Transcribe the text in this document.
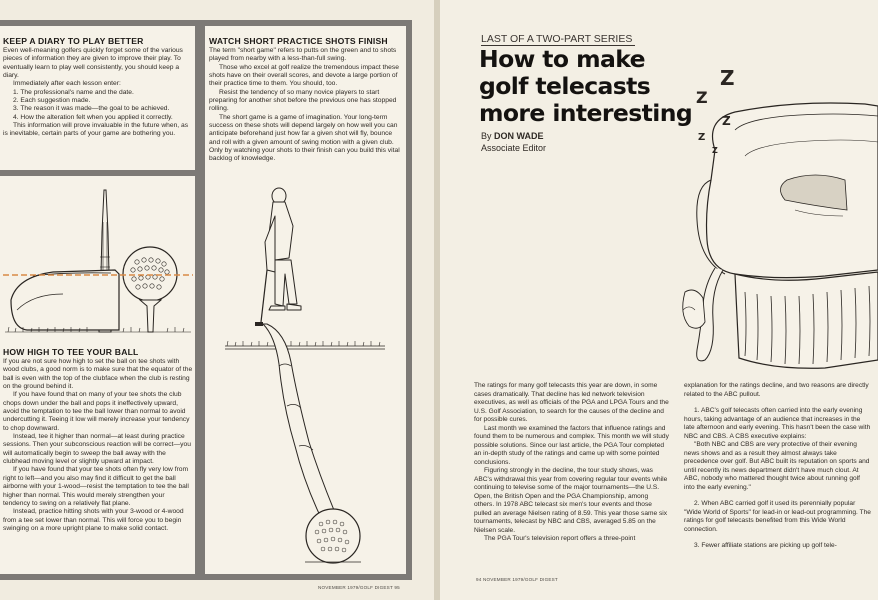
KEEP A DIARY TO PLAY BETTER

Even well-meaning golfers quickly forget some of the various pieces of information they are given to improve their play. To eventually learn to play well consistently, you should keep a diary.

Immediately after each lesson enter:

1. The professional's name and the date.

2. Each suggestion made.

3. The reason it was made—the goal to be achieved.

4. How the alteration felt when you applied it correctly.

This information will prove invaluable in the future when, as is inevitable, certain parts of your game are bothering you.

HOW HIGH TO TEE YOUR BALL

If you are not sure how high to set the ball on tee shots with wood clubs, a good norm is to make sure that the equator of the ball is even with the top of the clubface when the club is resting on the ground behind it.

If you have found that on many of your tee shots the club chops down under the ball and pops it ineffectively upward, avoid the temptation to tee the ball lower than normal to avoid undercutting it. Teeing it low will merely increase your tendency to chop downward.

Instead, tee it higher than normal—at least during practice sessions. Then your subconscious reaction will be correct—you will automatically begin to sweep the ball away with the clubhead moving level or slightly upward at impact.

If you have found that your tee shots often fly very low from right to left—and you also may find it difficult to get the ball airborne with your 1-wood—resist the temptation to tee the ball higher than normal. This would merely strengthen your tendency to swing on a relatively flat plane.

Instead, practice hitting shots with your 3-wood or 4-wood from a tee set lower than normal. This will force you to begin swinging on a more upright plane to make solid contact.

WATCH SHORT PRACTICE SHOTS FINISH

The term "short game" refers to putts on the green and to shots played from nearby with a less-than-full swing.

Those who excel at golf realize the tremendous impact these shots have on their overall scores, and devote a large portion of their practice time to them. You should, too.

Resist the tendency of so many novice players to start preparing for another shot before the previous one has stopped rolling.

The short game is a game of imagination. Your long-term success on these shots will depend largely on how well you can anticipate beforehand just how far a given shot will fly, bounce and roll with a given amount of swing motion with a given club. Only by watching your shots to their finish can you build this vital backlog of knowledge.

NOVEMBER 1979/GOLF DIGEST 95
Z
Z
Z
Z
Z
LAST OF A TWO-PART SERIES
How to make
golf telecasts
more interesting
By DON WADE
Associate Editor

The ratings for many golf telecasts this year are down, in some cases dramatically. That decline has led network television executives, as well as officials of the PGA and LPGA Tours and the U.S. Golf Association, to search for the causes of the decline and for possible cures.

Last month we examined the factors that influence ratings and found them to be numerous and complex. This month we will study possible solutions. Since our last article, the PGA Tour completed an in-depth study of the ratings and came up with some pointed conclusions.

Figuring strongly in the decline, the tour study shows, was ABC's withdrawal this year from covering regular tour events while continuing to televise some of the major tournaments—the U.S. Open, the British Open and the PGA Championship, among others. In 1978 ABC telecast six men's tour events and those pulled an average Nielsen rating of 8.59. This year those same six tournaments, telecast by NBC and CBS, averaged 5.85 on the Nielsen scale.

The PGA Tour's television report offers a three-point

explanation for the ratings decline, and two reasons are directly related to the ABC pullout.

1. ABC's golf telecasts often carried into the early evening hours, taking advantage of an audience that increases in the late afternoon and early evening. This hasn't been the case with NBC and CBS. A CBS executive explains:

"Both NBC and CBS are very protective of their evening news shows and as a result they almost always take precedence over golf. But ABC built its reputation on sports and until recently its news department didn't have much clout. At ABC, nobody who mattered thought twice about running golf into the early evening."

2. When ABC carried golf it used its perennially popular "Wide World of Sports" for lead-in or lead-out programming. The ratings for golf telecasts benefited from this Wide World connection.

3. Fewer affiliate stations are picking up golf tele-

94 NOVEMBER 1979/GOLF DIGEST
